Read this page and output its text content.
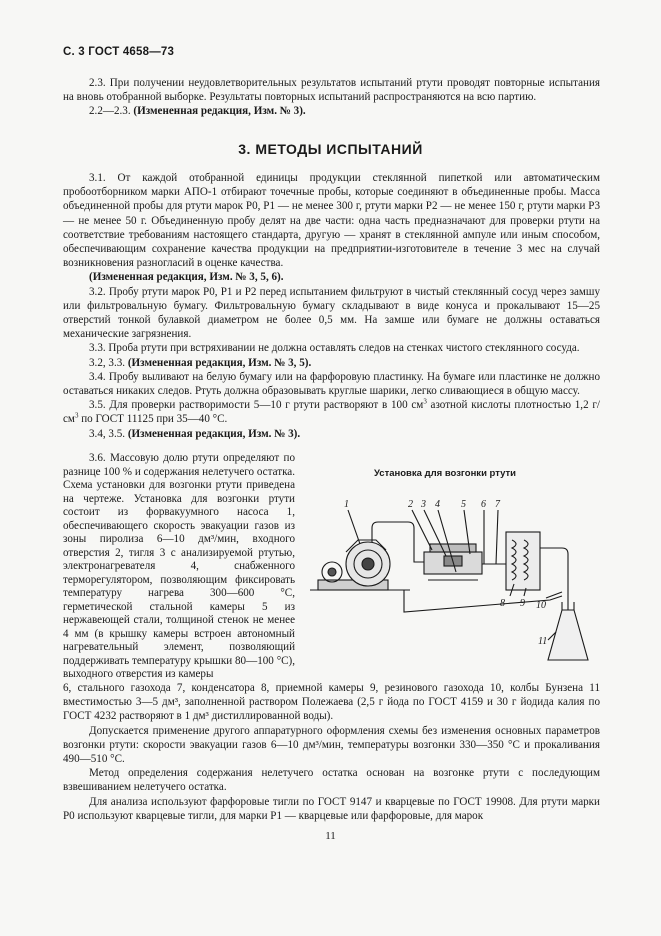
С. 3 ГОСТ 4658—73

2.3. При получении неудовлетворительных результатов испытаний ртути проводят повторные испытания на вновь отобранной выборке. Результаты повторных испытаний распространяются на всю партию.

2.2—2.3. (Измененная редакция, Изм. № 3).

3. МЕТОДЫ ИСПЫТАНИЙ

3.1. От каждой отобранной единицы продукции стеклянной пипеткой или автоматическим пробоотборником марки АПО-1 отбирают точечные пробы, которые соединяют в объединенные пробы. Масса объединенной пробы для ртути марок Р0, Р1 — не менее 300 г, ртути марки Р2 — не менее 150 г, ртути марки Р3 — не менее 50 г. Объединенную пробу делят на две части: одна часть предназначают для проверки ртути на соответствие требованиям настоящего стандарта, другую — хранят в стеклянной ампуле или иным способом, обеспечивающим сохранение качества продукции на предприятии-изготовителе в течение 3 мес на случай возникновения разногласий в оценке качества.

(Измененная редакция, Изм. № 3, 5, 6).

3.2. Пробу ртути марок Р0, Р1 и Р2 перед испытанием фильтруют в чистый стеклянный сосуд через замшу или фильтровальную бумагу. Фильтровальную бумагу складывают в виде конуса и прокалывают 15—25 отверстий тонкой булавкой диаметром не более 0,5 мм. На замше или бумаге не должны оставаться механические загрязнения.

3.3. Проба ртути при встряхивании не должна оставлять следов на стенках чистого стеклянного сосуда.

3.2, 3.3. (Измененная редакция, Изм. № 3, 5).

3.4. Пробу выливают на белую бумагу или на фарфоровую пластинку. На бумаге или пластинке не должно оставаться никаких следов. Ртуть должна образовывать круглые шарики, легко сливающиеся в общую массу.

3.5. Для проверки растворимости 5—10 г ртути растворяют в 100 $см^3$ азотной кислоты плотностью 1,2 $г/см^3$ по ГОСТ 11125 при 35—40 °С.

3.4, 3.5. (Измененная редакция, Изм. № 3).

3.6. Массовую долю ртути определяют по разнице 100 % и содержания нелетучего остатка. Схема установки для возгонки ртути приведена на чертеже. Установка для возгонки ртути состоит из форвакуумного насоса 1, обеспечивающего скорость эвакуации газов из зоны пиролиза 6—10 дм³/мин, входного отверстия 2, тигля 3 с анализируемой ртутью, электронагревателя 4, снабженного терморегулятором, позволяющим фиксировать температуру нагрева 300—600 °С, герметической стальной камеры 5 из нержавеющей стали, толщиной стенок не менее 4 мм (в крышку камеры встроен автономный нагревательный элемент, позволяющий поддерживать температуру крышки 80—100 °С), выходного отверстия из камеры

Установка для возгонки ртути
1	2 3 4 5 6 7
8 9 10
11

6, стального газохода 7, конденсатора 8, приемной камеры 9, резинового газохода 10, колбы Бунзена 11 вместимостью 3—5 дм³, заполненной раствором Полежаева (2,5 г йода по ГОСТ 4159 и 30 г йодида калия по ГОСТ 4232 растворяют в 1 дм³ дистиллированной воды).

Допускается применение другого аппаратурного оформления схемы без изменения основных параметров возгонки ртути: скорости эвакуации газов 6—10 дм³/мин, температуры возгонки 330—350 °С и прокаливания 490—510 °С.

Метод определения содержания нелетучего остатка основан на возгонке ртути с последующим взвешиванием нелетучего остатка.

Для анализа используют фарфоровые тигли по ГОСТ 9147 и кварцевые по ГОСТ 19908. Для ртути марки Р0 используют кварцевые тигли, для марки Р1 — кварцевые или фарфоровые, для марок

11
